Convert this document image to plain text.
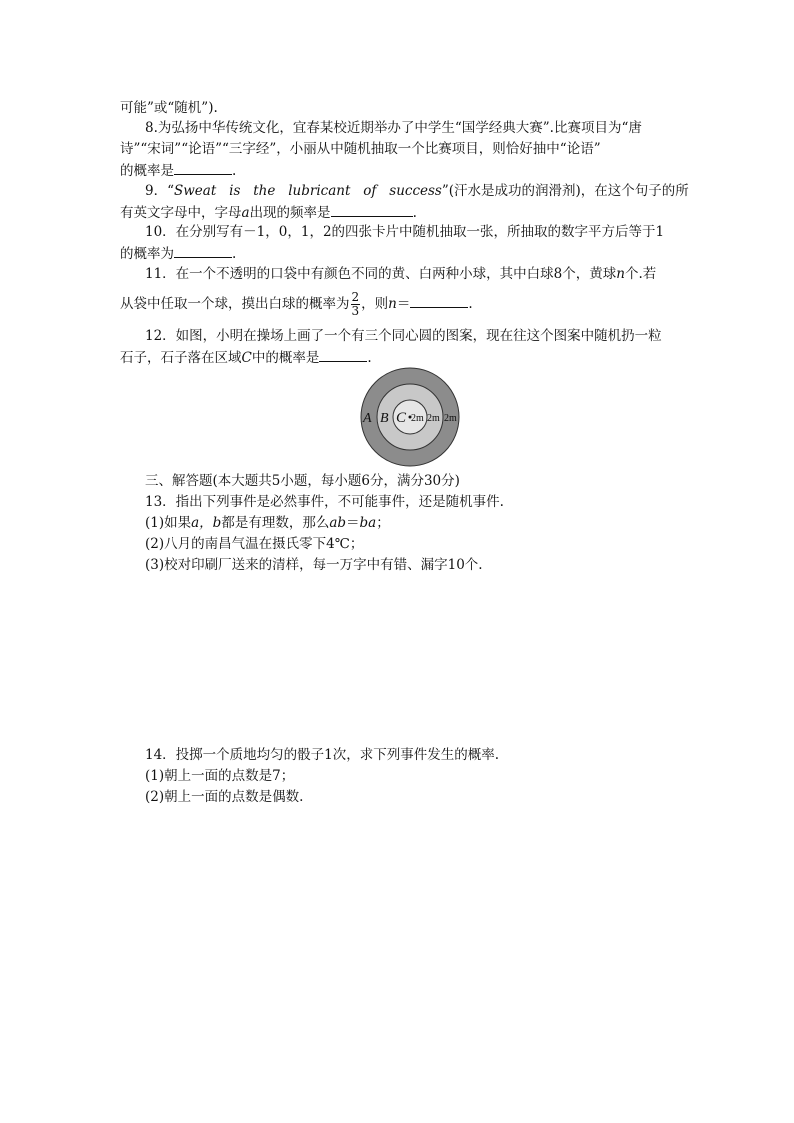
可能”或“随机”).
8.为弘扬中华传统文化，宜春某校近期举办了中学生“国学经典大赛”.比赛项目为“唐
诗”“宋词”“论语”“三字经”，小丽从中随机抽取一个比赛项目，则恰好抽中“论语”
的概率是	.
9．“Sweat   is   the   lubricant   of   success”(汗水是成功的润滑剂)，在这个句子的所
有英文字母中，字母a出现的频率是	.
10．在分别写有－1，0，1，2的四张卡片中随机抽取一张，所抽取的数字平方后等于1
的概率为	.
11．在一个不透明的口袋中有颜色不同的黄、白两种小球，其中白球8个，黄球n个.若
从袋中任取一个球，摸出白球的概率为 $\frac{2}{3}$ ，则n＝	.
12．如图，小明在操场上画了一个有三个同心圆的图案，现在往这个图案中随机扔一粒
石子，石子落在区域C中的概率是	.
A B C 2m 2m 2m
三、解答题(本大题共5小题，每小题6分，满分30分)
13．指出下列事件是必然事件，不可能事件，还是随机事件.
(1)如果a，b都是有理数，那么ab＝ba；
(2)八月的南昌气温在摄氏零下4℃；
(3)校对印刷厂送来的清样，每一万字中有错、漏字10个.
14．投掷一个质地均匀的骰子1次，求下列事件发生的概率.
(1)朝上一面的点数是7；
(2)朝上一面的点数是偶数.
